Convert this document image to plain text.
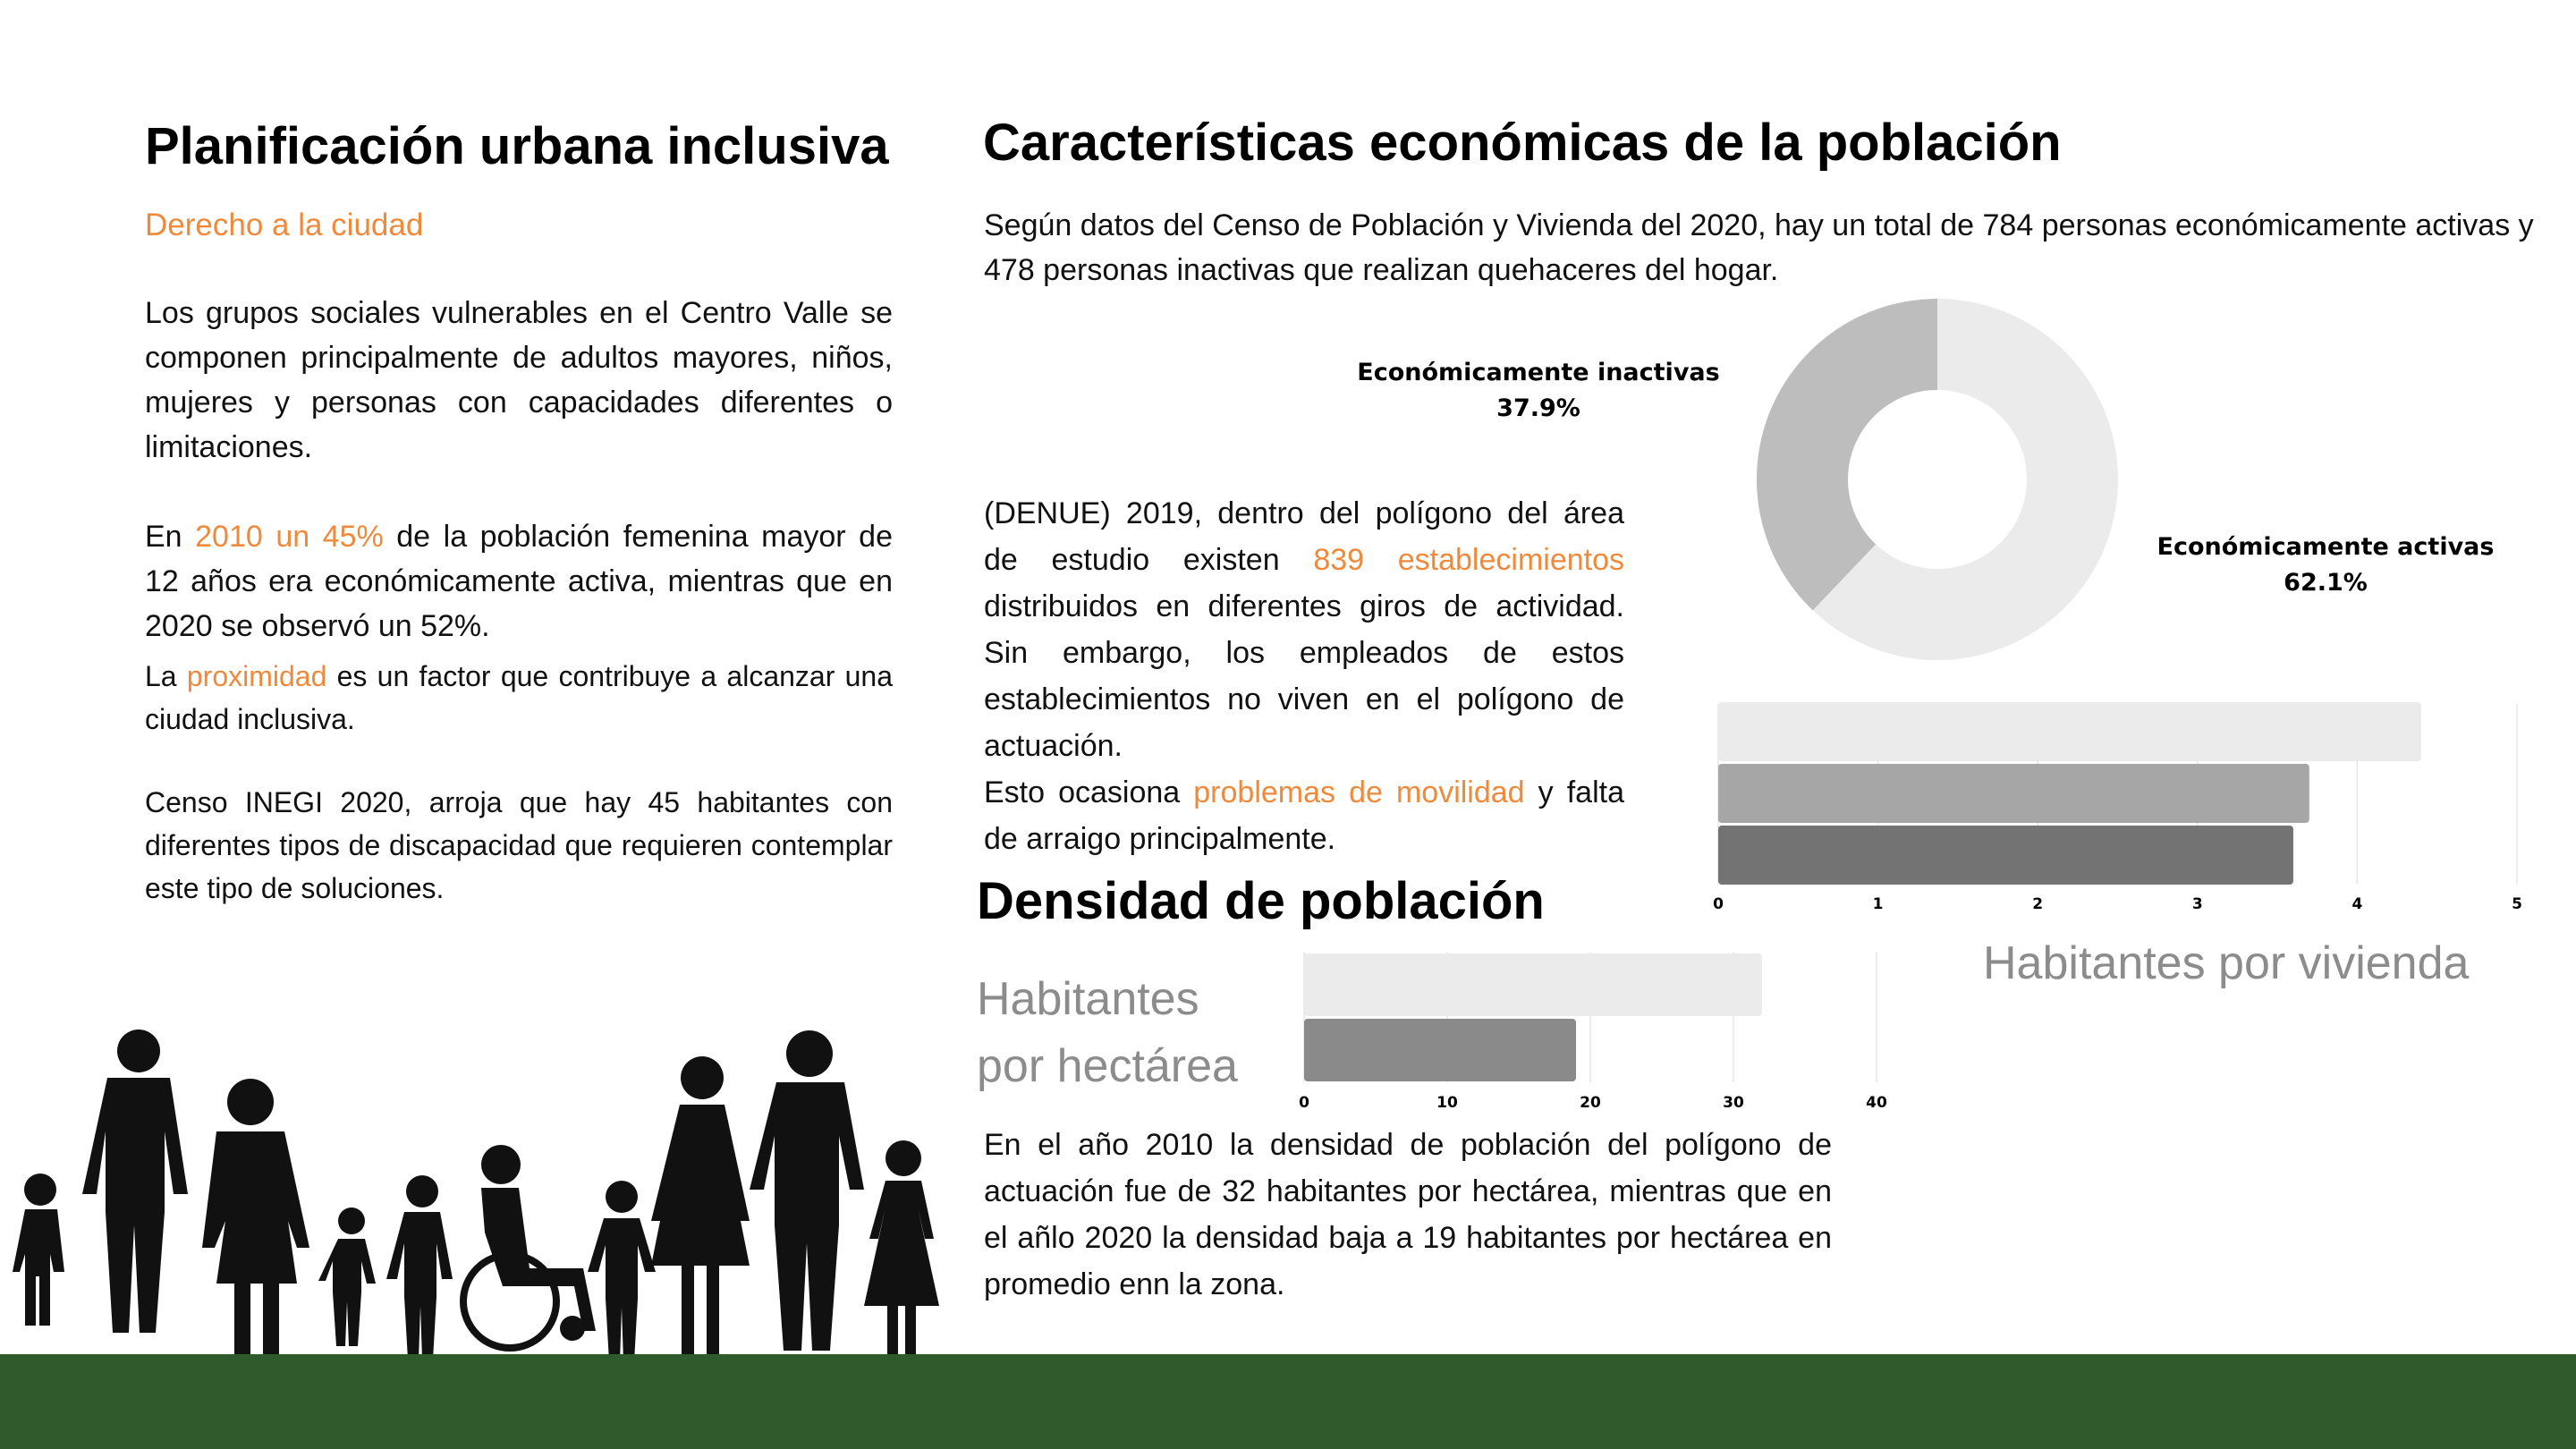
Planificación urbana inclusiva
Derecho a la ciudad

Los grupos sociales vulnerables en el Centro Valle se componen principalmente de adultos mayores, niños, mujeres y personas con capacidades diferentes o limitaciones.

En 2010 un 45% de la población femenina mayor de 12 años era económicamente activa, mientras que en 2020 se observó un 52%.

La proximidad es un factor que contribuye a alcanzar una ciudad inclusiva.

Censo INEGI 2020, arroja que hay 45 habitantes con diferentes tipos de discapacidad que requieren contemplar este tipo de soluciones.

Características económicas de la población

Según datos del Censo de Población y Vivienda del 2020, hay un total de 784 personas económicamente activas y 478 personas inactivas que realizan quehaceres del hogar.

Económicamente inactivas
37.9%
Económicamente activas
62.1%

(DENUE) 2019, dentro del polígono del área de estudio existen 839 establecimientos distribuidos en diferentes giros de actividad. Sin embargo, los empleados de estos establecimientos no viven en el polígono de actuación.
Esto ocasiona problemas de movilidad y falta de arraigo principalmente.

0	1	2	3	4	5
Habitantes por vivienda
Densidad de población
Habitantes por hectárea
0	10	20	30	40

En el año 2010 la densidad de población del polígono de actuación fue de 32 habitantes por hectárea, mientras que en el añlo 2020 la densidad baja a 19 habitantes por hectárea en promedio enn la zona.
